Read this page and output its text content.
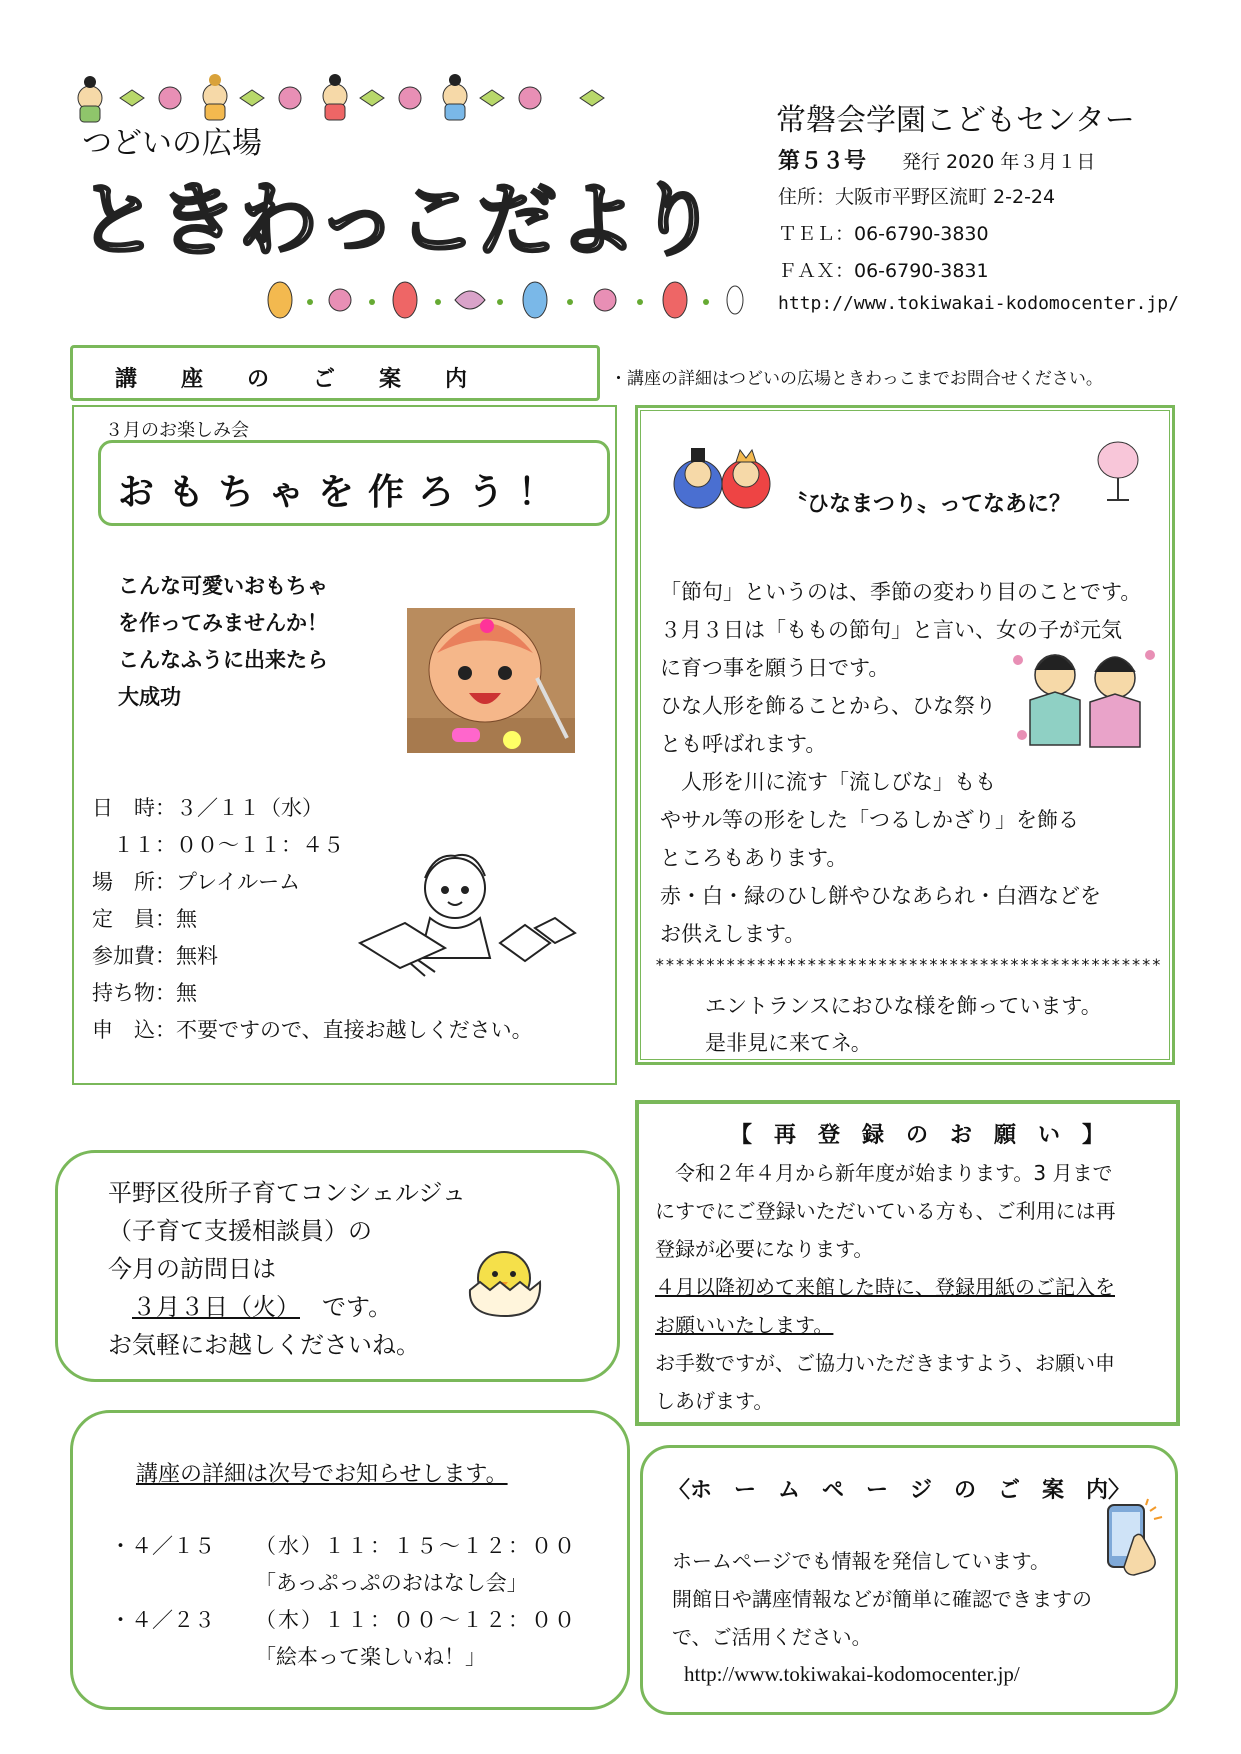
つどいの広場
ときわっこだより
常磐会学園こどもセンター
第５３号 発行 2020 年３月１日
住所：大阪市平野区流町 2-2-24
ＴＥＬ：06-6790-3830
ＦＡＸ：06-6790-3831
http://www.tokiwakai-kodomocenter.jp/
講　　座　　の　　ご　　案　　内	・講座の詳細はつどいの広場ときわっこまでお問合せください。
３月のお楽しみ会
おもちゃを作ろう！
こんな可愛いおもちゃ
を作ってみませんか！
こんなふうに出来たら
大成功
日　時：３／１１（水）
　１１：００～１１：４５
場　所：プレイルーム
定　員：無
参加費：無料
持ち物：無
申　込：不要ですので、直接お越しください。
〝ひなまつり〟ってなあに？
「節句」というのは、季節の変わり目のことです。
３月３日は「ももの節句」と言い、女の子が元気
に育つ事を願う日です。
ひな人形を飾ることから、ひな祭り
とも呼ばれます。
　人形を川に流す「流しびな」もも
やサル等の形をした「つるしかざり」を飾る
ところもあります。
赤・白・緑のひし餅やひなあられ・白酒などを
お供えします。
**************************************************
エントランスにおひな様を飾っています。
是非見に来てネ。
平野区役所子育てコンシェルジュ
（子育て支援相談員）の
今月の訪問日は
３月３日（火） です。
お気軽にお越しくださいね。
【　再　登　録　の　お　願　い　】
　令和２年４月から新年度が始まります。3 月まで
にすでにご登録いただいている方も、ご利用には再
登録が必要になります。
４月以降初めて来館した時に、登録用紙のご記入を
お願いいたします。
お手数ですが、ご協力いただきますよう、お願い申
しあげます。
講座の詳細は次号でお知らせします。
・４／１５ （水）１１：１５～１２：００
「あっぷっぷのおはなし会」
・４／２３ （木）１１：００～１２：００
「絵本って楽しいね！」
〈ホ　ー　ム　ペ　ー　ジ　の　ご　案　内〉
ホームページでも情報を発信しています。
開館日や講座情報などが簡単に確認できますの
で、ご活用ください。
http://www.tokiwakai-kodomocenter.jp/
